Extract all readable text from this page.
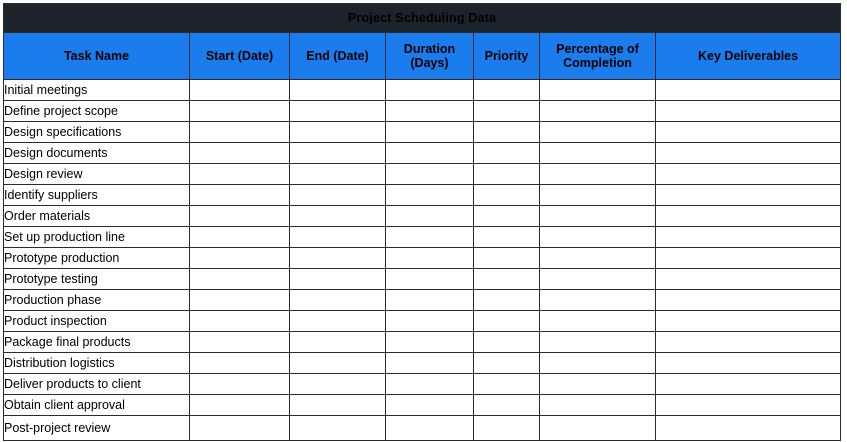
Project Scheduling Data						
Task Name	Start (Date)	End (Date)	Duration (Days)	Priority	Percentage of Completion	Key Deliverables
Initial meetings						
Define project scope						
Design specifications						
Design documents						
Design review						
Identify suppliers						
Order materials						
Set up production line						
Prototype production						
Prototype testing						
Production phase						
Product inspection						
Package final products						
Distribution logistics						
Deliver products to client						
Obtain client approval						
Post-project review						
